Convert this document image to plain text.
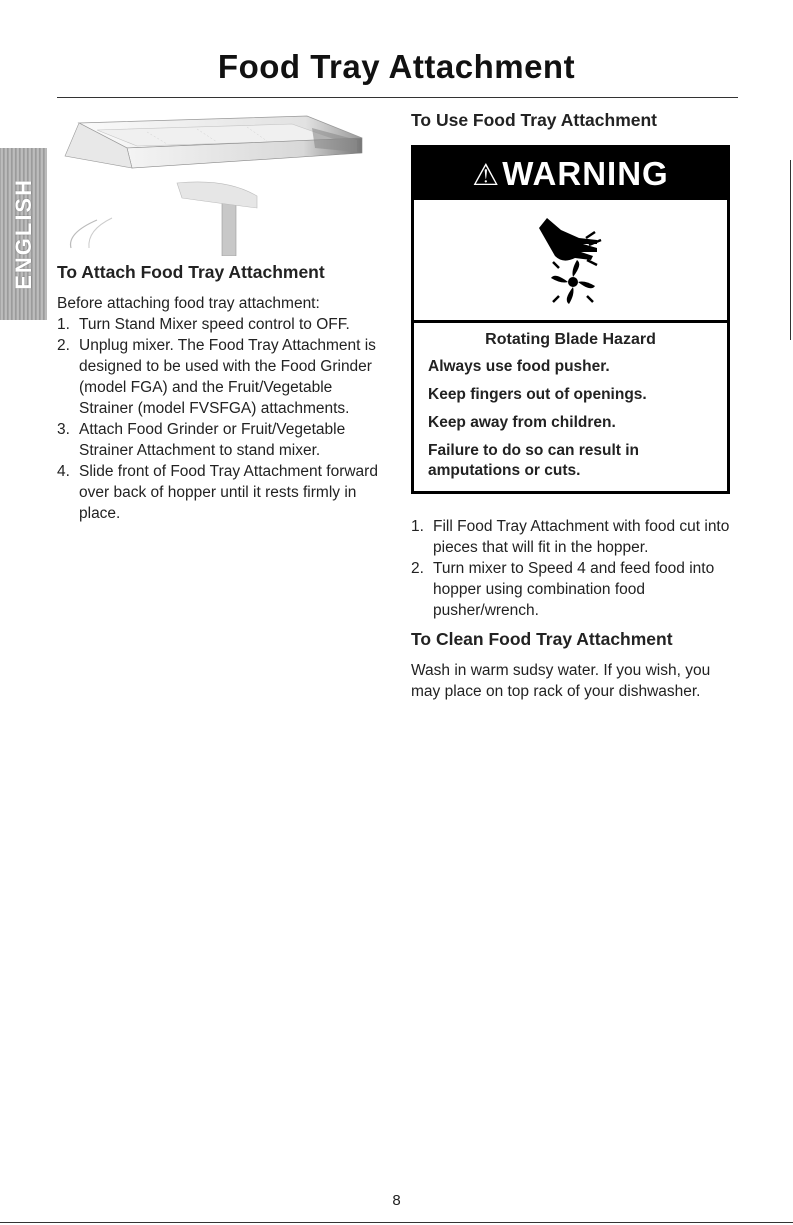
Food Tray Attachment
ENGLISH To Attach Food Tray Attachment

Before attaching food tray attachment:

1. Turn Stand Mixer speed control to OFF.
2. Unplug mixer. The Food Tray Attachment is designed to be used with the Food Grinder (model FGA) and the Fruit/Vegetable Strainer (model FVSFGA) attachments.
3. Attach Food Grinder or Fruit/Vegetable Strainer Attachment to stand mixer.
4. Slide front of Food Tray Attachment forward over back of hopper until it rests firmly in place.
To Use Food Tray Attachment
⚠WARNING
Rotating Blade Hazard
Always use food pusher.
Keep fingers out of openings.
Keep away from children.
Failure to do so can result in amputations or cuts.
1. Fill Food Tray Attachment with food cut into pieces that will fit in the hopper.
2. Turn mixer to Speed 4 and feed food into hopper using combination food pusher/wrench.
To Clean Food Tray Attachment

Wash in warm sudsy water. If you wish, you may place on top rack of your dishwasher.

8
